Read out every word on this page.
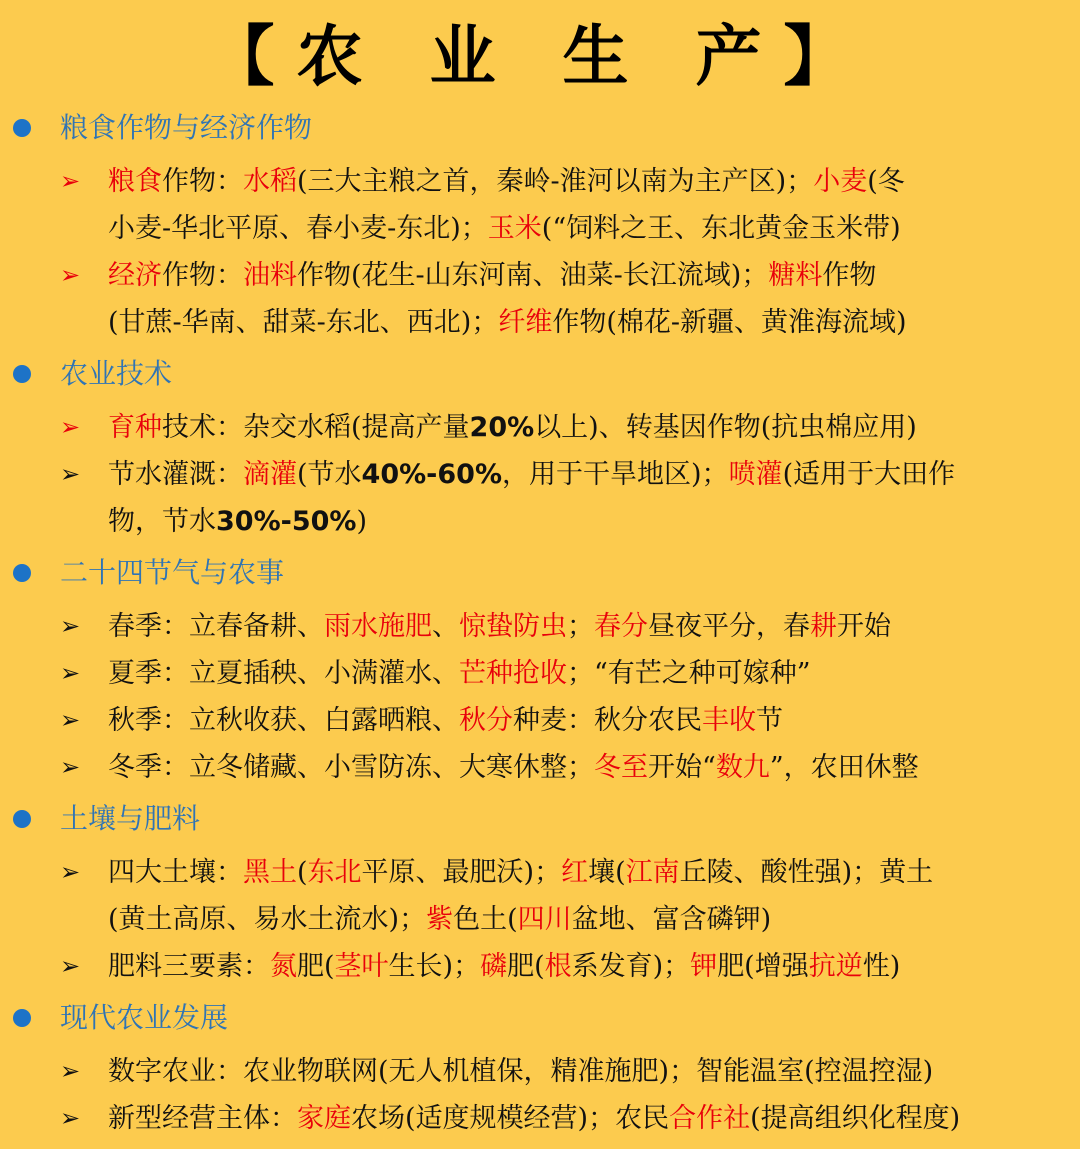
【农 业 生 产】
粮食作物与经济作物
➢	粮食作物：水稻(三大主粮之首，秦岭-淮河以南为主产区)；小麦(冬
小麦-华北平原、春小麦-东北)；玉米(“饲料之王、东北黄金玉米带)
➢	经济作物：油料作物(花生-山东河南、油菜-长江流域)；糖料作物
(甘蔗-华南、甜菜-东北、西北)；纤维作物(棉花-新疆、黄淮海流域)
农业技术
➢	育种技术：杂交水稻(提高产量20%以上)、转基因作物(抗虫棉应用)
➢	节水灌溉：滴灌(节水40%-60%，用于干旱地区)；喷灌(适用于大田作
物，节水30%-50%)
二十四节气与农事
➢	春季：立春备耕、雨水施肥、惊蛰防虫；春分昼夜平分，春耕开始
➢	夏季：立夏插秧、小满灌水、芒种抢收；“有芒之种可嫁种”
➢	秋季：立秋收获、白露晒粮、秋分种麦：秋分农民丰收节
➢	冬季：立冬储藏、小雪防冻、大寒休整；冬至开始“数九”，农田休整
土壤与肥料
➢	四大土壤：黑土(东北平原、最肥沃)；红壤(江南丘陵、酸性强)；黄土
(黄土高原、易水土流水)；紫色土(四川盆地、富含磷钾)
➢	肥料三要素：氮肥(茎叶生长)；磷肥(根系发育)；钾肥(增强抗逆性)
现代农业发展
➢	数字农业：农业物联网(无人机植保，精准施肥)；智能温室(控温控湿)
➢	新型经营主体：家庭农场(适度规模经营)；农民合作社(提高组织化程度)
